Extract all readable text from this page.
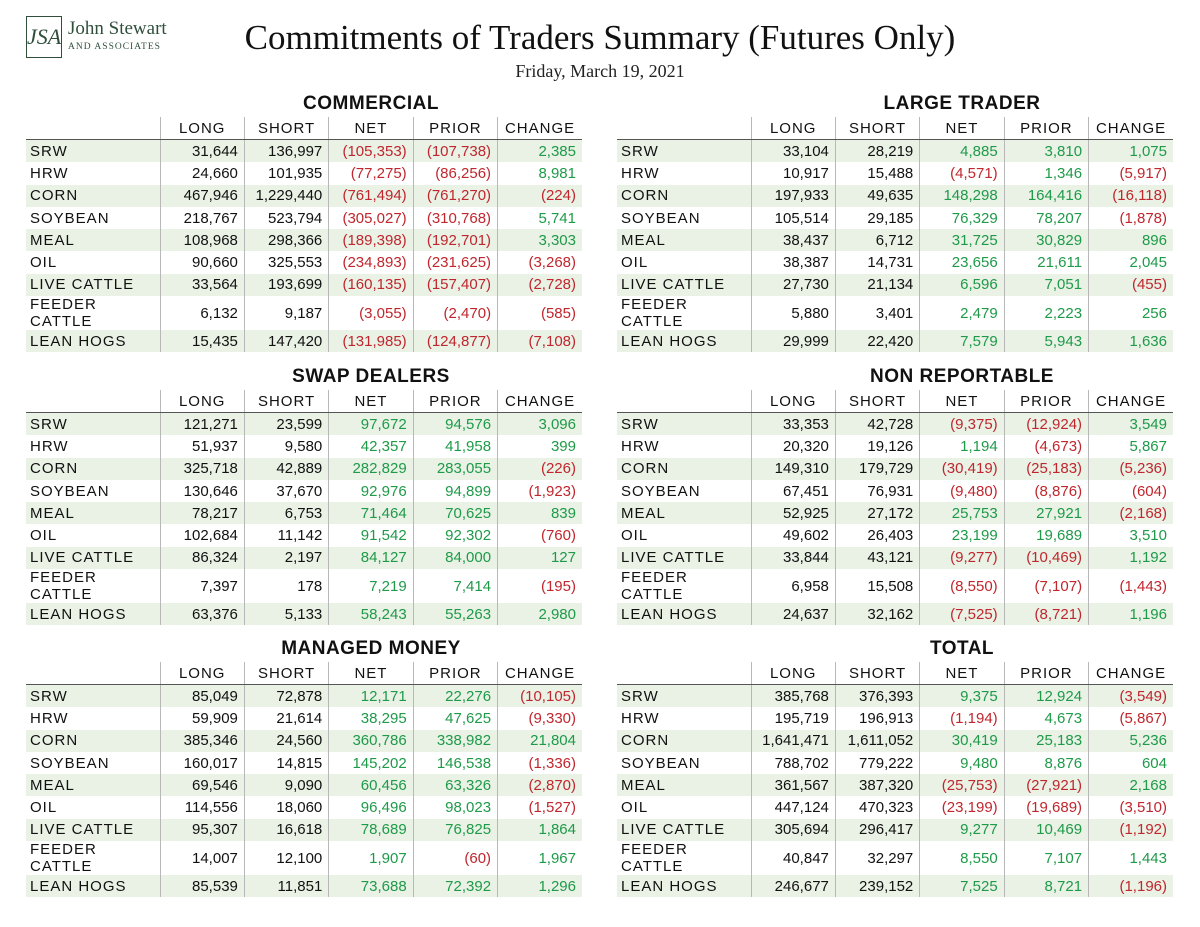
JSA John Stewart
AND ASSOCIATES	Commitments of Traders Summary (Futures Only)
Friday, March 19, 2021
COMMERCIAL
	LONG	SHORT	NET	PRIOR	CHANGE
SRW	31,644	136,997	(105,353)	(107,738)	2,385
HRW	24,660	101,935	(77,275)	(86,256)	8,981
CORN	467,946	1,229,440	(761,494)	(761,270)	(224)
SOYBEAN	218,767	523,794	(305,027)	(310,768)	5,741
MEAL	108,968	298,366	(189,398)	(192,701)	3,303
OIL	90,660	325,553	(234,893)	(231,625)	(3,268)
LIVE CATTLE	33,564	193,699	(160,135)	(157,407)	(2,728)
FEEDER CATTLE	6,132	9,187	(3,055)	(2,470)	(585)
LEAN HOGS	15,435	147,420	(131,985)	(124,877)	(7,108)
LARGE TRADER
	LONG	SHORT	NET	PRIOR	CHANGE
SRW	33,104	28,219	4,885	3,810	1,075
HRW	10,917	15,488	(4,571)	1,346	(5,917)
CORN	197,933	49,635	148,298	164,416	(16,118)
SOYBEAN	105,514	29,185	76,329	78,207	(1,878)
MEAL	38,437	6,712	31,725	30,829	896
OIL	38,387	14,731	23,656	21,611	2,045
LIVE CATTLE	27,730	21,134	6,596	7,051	(455)
FEEDER CATTLE	5,880	3,401	2,479	2,223	256
LEAN HOGS	29,999	22,420	7,579	5,943	1,636
SWAP DEALERS
	LONG	SHORT	NET	PRIOR	CHANGE
SRW	121,271	23,599	97,672	94,576	3,096
HRW	51,937	9,580	42,357	41,958	399
CORN	325,718	42,889	282,829	283,055	(226)
SOYBEAN	130,646	37,670	92,976	94,899	(1,923)
MEAL	78,217	6,753	71,464	70,625	839
OIL	102,684	11,142	91,542	92,302	(760)
LIVE CATTLE	86,324	2,197	84,127	84,000	127
FEEDER CATTLE	7,397	178	7,219	7,414	(195)
LEAN HOGS	63,376	5,133	58,243	55,263	2,980
NON REPORTABLE
	LONG	SHORT	NET	PRIOR	CHANGE
SRW	33,353	42,728	(9,375)	(12,924)	3,549
HRW	20,320	19,126	1,194	(4,673)	5,867
CORN	149,310	179,729	(30,419)	(25,183)	(5,236)
SOYBEAN	67,451	76,931	(9,480)	(8,876)	(604)
MEAL	52,925	27,172	25,753	27,921	(2,168)
OIL	49,602	26,403	23,199	19,689	3,510
LIVE CATTLE	33,844	43,121	(9,277)	(10,469)	1,192
FEEDER CATTLE	6,958	15,508	(8,550)	(7,107)	(1,443)
LEAN HOGS	24,637	32,162	(7,525)	(8,721)	1,196
MANAGED MONEY
	LONG	SHORT	NET	PRIOR	CHANGE
SRW	85,049	72,878	12,171	22,276	(10,105)
HRW	59,909	21,614	38,295	47,625	(9,330)
CORN	385,346	24,560	360,786	338,982	21,804
SOYBEAN	160,017	14,815	145,202	146,538	(1,336)
MEAL	69,546	9,090	60,456	63,326	(2,870)
OIL	114,556	18,060	96,496	98,023	(1,527)
LIVE CATTLE	95,307	16,618	78,689	76,825	1,864
FEEDER CATTLE	14,007	12,100	1,907	(60)	1,967
LEAN HOGS	85,539	11,851	73,688	72,392	1,296
TOTAL
	LONG	SHORT	NET	PRIOR	CHANGE
SRW	385,768	376,393	9,375	12,924	(3,549)
HRW	195,719	196,913	(1,194)	4,673	(5,867)
CORN	1,641,471	1,611,052	30,419	25,183	5,236
SOYBEAN	788,702	779,222	9,480	8,876	604
MEAL	361,567	387,320	(25,753)	(27,921)	2,168
OIL	447,124	470,323	(23,199)	(19,689)	(3,510)
LIVE CATTLE	305,694	296,417	9,277	10,469	(1,192)
FEEDER CATTLE	40,847	32,297	8,550	7,107	1,443
LEAN HOGS	246,677	239,152	7,525	8,721	(1,196)
